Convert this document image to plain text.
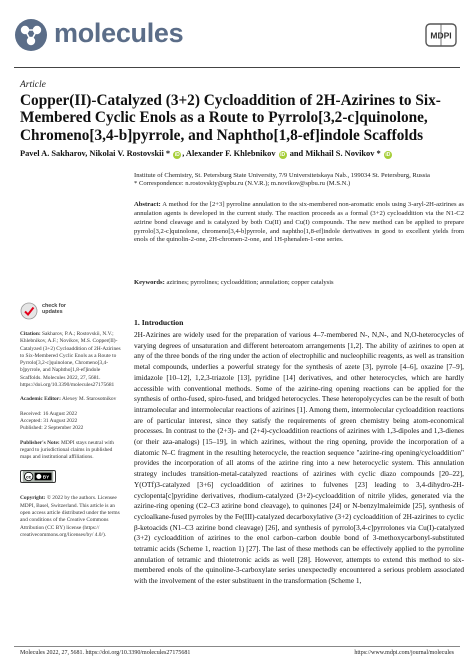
molecules	MDPI
Article
Copper(II)-Catalyzed (3+2) Cycloaddition of 2H-Azirines to Six-Membered Cyclic Enols as a Route to Pyrrolo[3,2-c]quinolone, Chromeno[3,4-b]pyrrole, and Naphtho[1,8-ef]indole Scaffolds
Pavel A. Sakharov, Nikolai V. Rostovskii * iD , Alexander F. Khlebnikov iD and Mikhail S. Novikov * iD

Institute of Chemistry, St. Petersburg State University, 7/9 Universitetskaya Nab., 199034 St. Petersburg, Russia

* Correspondence: n.rostovskiy@spbu.ru (N.V.R.); m.novikov@spbu.ru (M.S.N.)

Abstract: A method for the [2+3] pyrroline annulation to the six-membered non-aromatic enols using 3-aryl-2H-azirines as annulation agents is developed in the current study. The reaction proceeds as a formal (3+2) cycloaddition via the N1-C2 azirine bond cleavage and is catalyzed by both Cu(II) and Cu(I) compounds. The new method can be applied to prepare pyrrolo[3,2-c]quinolone, chromeno[3,4-b]pyrrole, and naphtho[1,8-ef]indole derivatives in good to excellent yields from enols of the quinolin-2-one, 2H-chromen-2-one, and 1H-phenalen-1-one series.
Keywords: azirines; pyrrolines; cycloaddition; annulation; copper catalysis
check for
updates
Citation: Sakharov, P.A.; Rostovskii, N.V.; Khlebnikov, A.F.; Novikov, M.S. Copper(II)-Catalyzed (3+2) Cycloaddition of 2H-Azirines to Six-Membered Cyclic Enols as a Route to Pyrrolo[3,2-c]quinolone, Chromeno[3,4-b]pyrrole, and Naphtho[1,8-ef]indole Scaffolds. Molecules 2022, 27, 5681. https://doi.org/10.3390/molecules27175681
Academic Editor: Alexey M. Starosotnikov
Received: 16 August 2022
Accepted: 31 August 2022
Published: 2 September 2022
Publisher's Note: MDPI stays neutral with regard to jurisdictional claims in published maps and institutional affiliations.
cc BY
Copyright: © 2022 by the authors. Licensee MDPI, Basel, Switzerland. This article is an open access article distributed under the terms and conditions of the Creative Commons Attribution (CC BY) license (https:// creativecommons.org/licenses/by/ 4.0/).
1. Introduction
2H-Azirines are widely used for the preparation of various 4–7-membered N-, N,N-, and N,O-heterocycles of varying degrees of unsaturation and different heteroatom arrangements [1,2]. The ability of azirines to open at any of the three bonds of the ring under the action of electrophilic and nucleophilic reagents, as well as transition metal compounds, underlies a powerful strategy for the synthesis of azete [3], pyrrole [4–6], oxazine [7–9], imidazole [10–12], 1,2,3-triazole [13], pyridine [14] derivatives, and other heterocycles, which are hardly accessible with conventional methods. Some of the azirine-ring opening reactions can be applied for the synthesis of ortho-fused, spiro-fused, and bridged heterocycles. These heteropolycycles can be the result of both intramolecular and intermolecular reactions of azirines [1]. Among them, intermolecular cycloaddition reactions are of particular interest, since they satisfy the requirements of green chemistry being atom-economical processes. In contrast to the (2+3)- and (2+4)-cycloaddition reactions of azirines with 1,3-dipoles and 1,3-dienes (or their aza-analogs) [15–19], in which azirines, without the ring opening, provide the incorporation of a diatomic N–C fragment in the resulting heterocycle, the reaction sequence "azirine-ring opening/cycloaddition" provides the incorporation of all atoms of the azirine ring into a new heterocyclic system. This annulation strategy includes transition-metal-catalyzed reactions of azirines with cyclic diazo compounds [20–22], Y(OTf)3-catalyzed [3+6] cycloaddition of azirines to fulvenes [23] leading to 3,4-dihydro-2H-cyclopenta[c]pyridine derivatives, rhodium-catalyzed (3+2)-cycloaddition of nitrile ylides, generated via the azirine-ring opening (C2–C3 azirine bond cleavage), to quinones [24] or N-benzylmaleimide [25], synthesis of cycloalkane-fused pyrroles by the Fe(III)-catalyzed decarboxylative (3+2) cycloaddition of 2H-azirines to cyclic β-ketoacids (N1–C3 azirine bond cleavage) [26], and synthesis of pyrrolo[3,4-c]pyrrolones via Cu(I)-catalyzed (3+2) cycloaddition of azirines to the enol carbon–carbon double bond of 3-methoxycarbonyl-substituted tetramic acids (Scheme 1, reaction 1) [27]. The last of these methods can be effectively applied to the pyrroline annulation of tetramic and thiotetronic acids as well [28]. However, attempts to extend this method to six-membered enols of the quinoline-3-carboxylate series unexpectedly encountered a serious problem associated with the involvement of the ester substituent in the transformation (Scheme 1,
Molecules 2022, 27, 5681. https://doi.org/10.3390/molecules27175681	https://www.mdpi.com/journal/molecules
